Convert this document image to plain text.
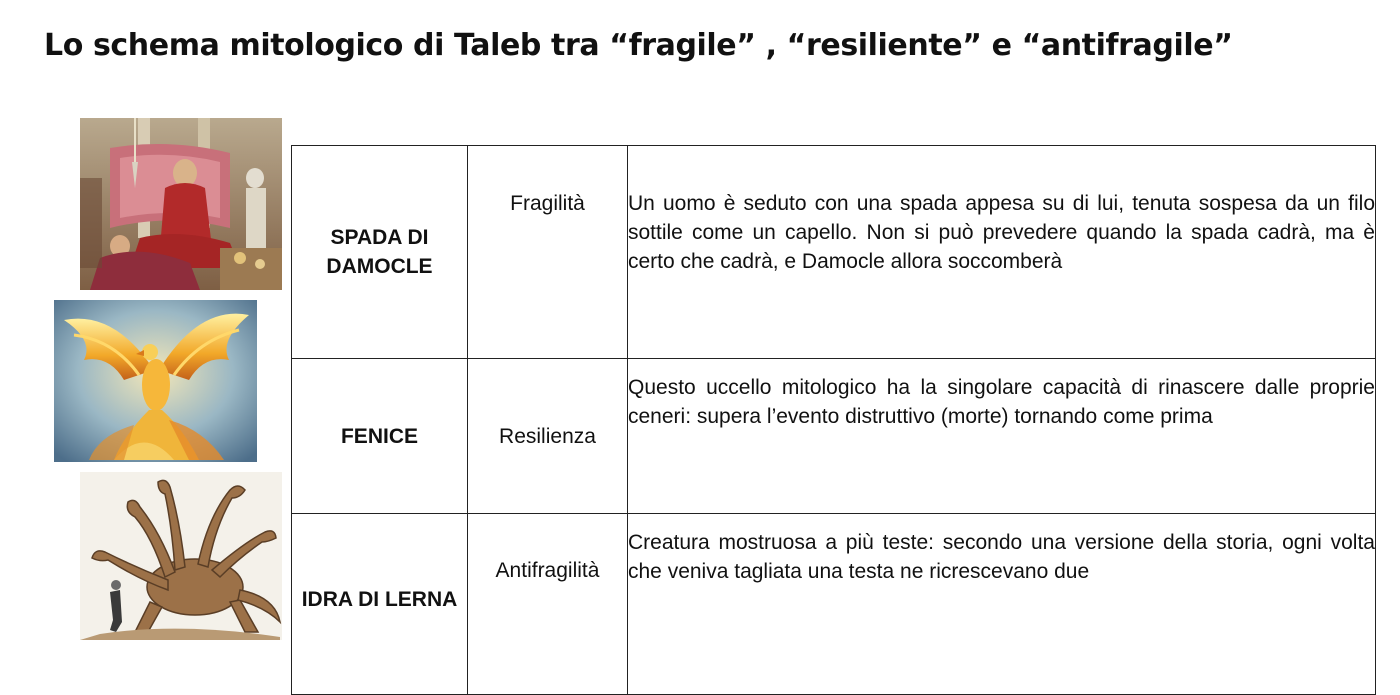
Lo schema mitologico di Taleb tra “fragile” , “resiliente” e “antifragile”
SPADA DI DAMOCLE	Fragilità	Un uomo è seduto con una spada appesa su di lui, tenuta sospesa da un filo sottile come un capello. Non si può prevedere quando la spada cadrà, ma è certo che cadrà, e Damocle allora soccomberà
FENICE	Resilienza	Questo uccello mitologico ha la singolare capacità di rinascere dalle proprie ceneri: supera l’evento distruttivo (morte) tornando come prima
IDRA DI LERNA	Antifragilità	Creatura mostruosa a più teste: secondo una versione della storia, ogni volta che veniva tagliata una testa ne ricrescevano due
